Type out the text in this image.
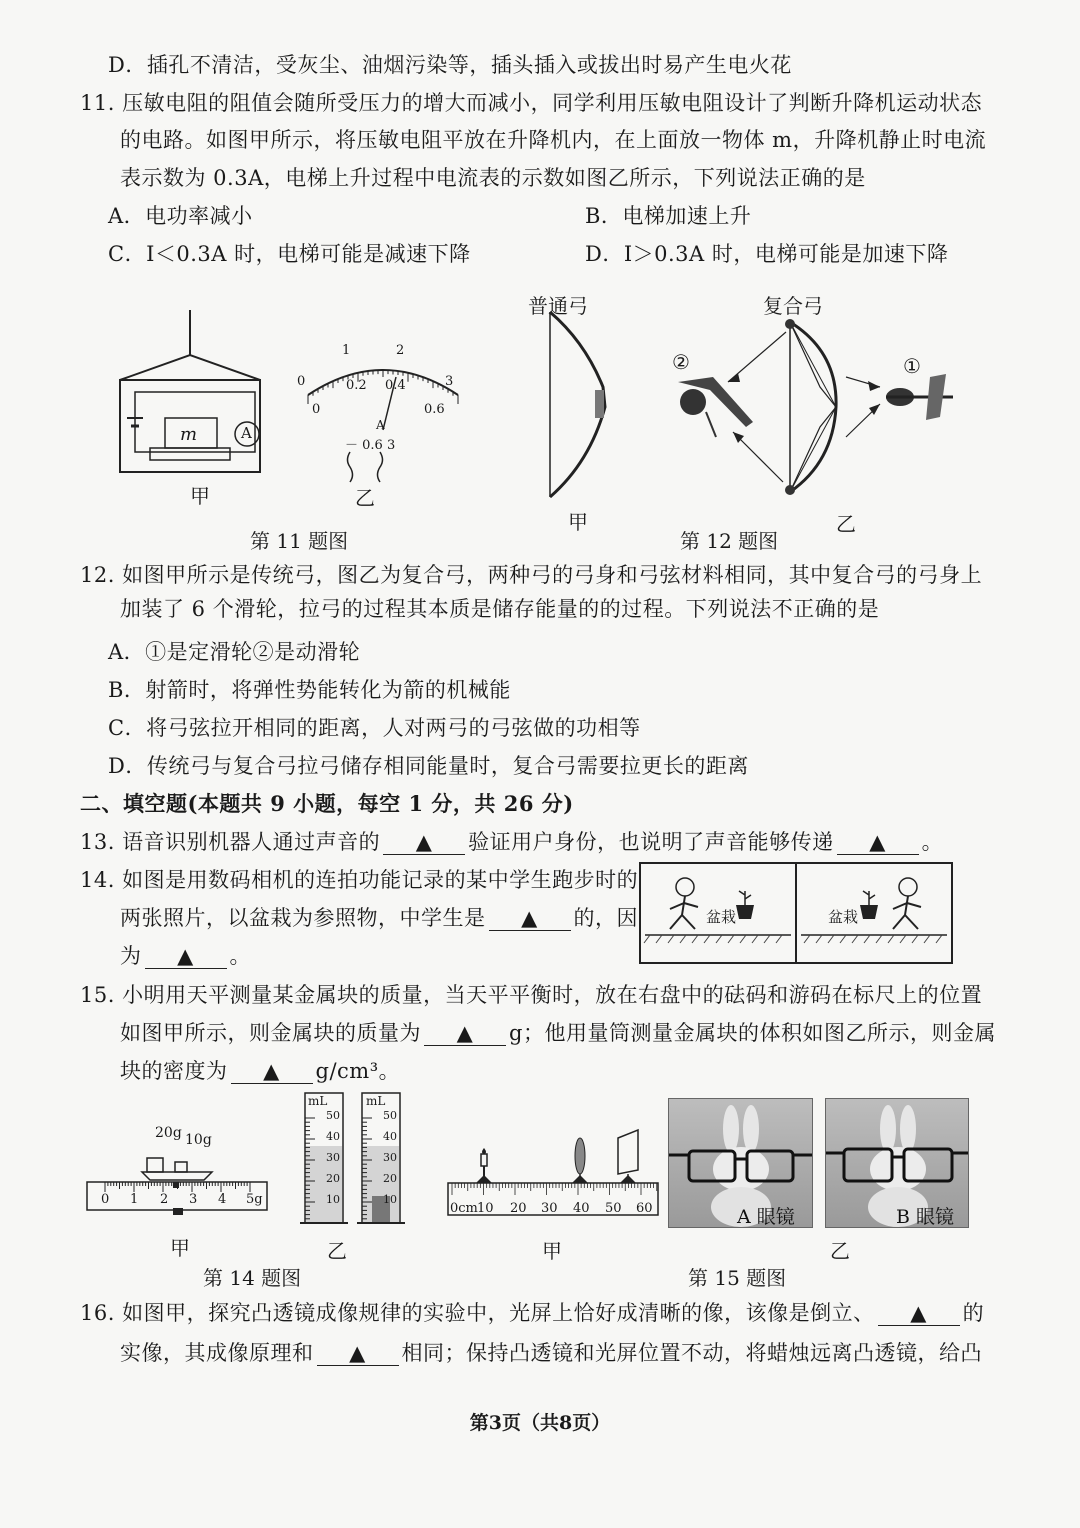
D．插孔不清洁，受灰尘、油烟污染等，插头插入或拔出时易产生电火花
11. 压敏电阻的阻值会随所受压力的增大而减小，同学利用压敏电阻设计了判断升降机运动状态
的电路。如图甲所示，将压敏电阻平放在升降机内，在上面放一物体 m，升降机静止时电流
表示数为 0.3A，电梯上升过程中电流表的示数如图乙所示，下列说法正确的是
A．电功率减小	B．电梯加速上升
C．I＜0.3A 时，电梯可能是减速下降	D．I＞0.3A 时，电梯可能是加速下降
m	A
甲
0
1	2
3
0
0.2 0.4
0.6
A
－ 0.6 3
乙
第 11 题图
普通弓
甲
复合弓
②	①
乙
第 12 题图
12. 如图甲所示是传统弓，图乙为复合弓，两种弓的弓身和弓弦材料相同，其中复合弓的弓身上
加装了 6 个滑轮，拉弓的过程其本质是储存能量的的过程。下列说法不正确的是
A．①是定滑轮②是动滑轮
B．射箭时，将弹性势能转化为箭的机械能
C．将弓弦拉开相同的距离，人对两弓的弓弦做的功相等
D．传统弓与复合弓拉弓储存相同能量时，复合弓需要拉更长的距离
二、填空题(本题共 9 小题，每空 1 分，共 26 分)
13. 语音识别机器人通过声音的 ▲ 验证用户身份，也说明了声音能够传递 ▲ 。
14. 如图是用数码相机的连拍功能记录的某中学生跑步时的
两张照片，以盆栽为参照物，中学生是 ▲ 的，因
为 ▲ 。
盆栽	盆栽
15. 小明用天平测量某金属块的质量，当天平平衡时，放在右盘中的砝码和游码在标尺上的位置
如图甲所示，则金属块的质量为 ▲ g；他用量筒测量金属块的体积如图乙所示，则金属
块的密度为 ▲ g/cm³。
20g 10g
0 1 2 3 4 5g
甲
mL	mL
50
40
30
20
10
50
40
30
20
10
乙
第 14 题图
0cm 10 20 30 40 50 60
甲
A 眼镜	B 眼镜
乙
第 15 题图
16. 如图甲，探究凸透镜成像规律的实验中，光屏上恰好成清晰的像，该像是倒立、 ▲ 的
实像，其成像原理和 ▲ 相同；保持凸透镜和光屏位置不动，将蜡烛远离凸透镜，给凸
第3页（共8页）
